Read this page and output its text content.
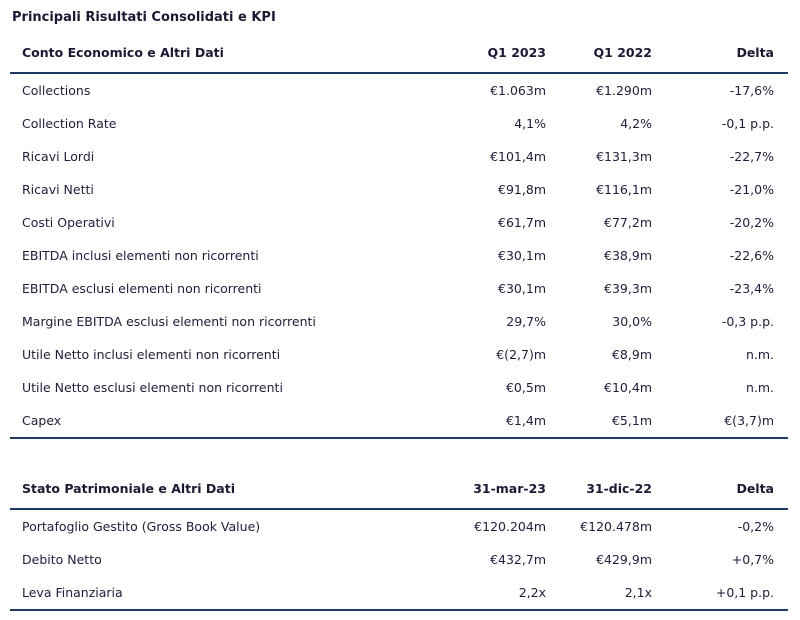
Principali Risultati Consolidati e KPI
Conto Economico e Altri Dati	Q1 2023	Q1 2022	Delta
Collections	€1.063m	€1.290m	-17,6%
Collection Rate	4,1%	4,2%	-0,1 p.p.
Ricavi Lordi	€101,4m	€131,3m	-22,7%
Ricavi Netti	€91,8m	€116,1m	-21,0%
Costi Operativi	€61,7m	€77,2m	-20,2%
EBITDA inclusi elementi non ricorrenti	€30,1m	€38,9m	-22,6%
EBITDA esclusi elementi non ricorrenti	€30,1m	€39,3m	-23,4%
Margine EBITDA esclusi elementi non ricorrenti	29,7%	30,0%	-0,3 p.p.
Utile Netto inclusi elementi non ricorrenti	€(2,7)m	€8,9m	n.m.
Utile Netto esclusi elementi non ricorrenti	€0,5m	€10,4m	n.m.
Capex	€1,4m	€5,1m	€(3,7)m
Stato Patrimoniale e Altri Dati	31-mar-23	31-dic-22	Delta
Portafoglio Gestito (Gross Book Value)	€120.204m	€120.478m	-0,2%
Debito Netto	€432,7m	€429,9m	+0,7%
Leva Finanziaria	2,2x	2,1x	+0,1 p.p.
